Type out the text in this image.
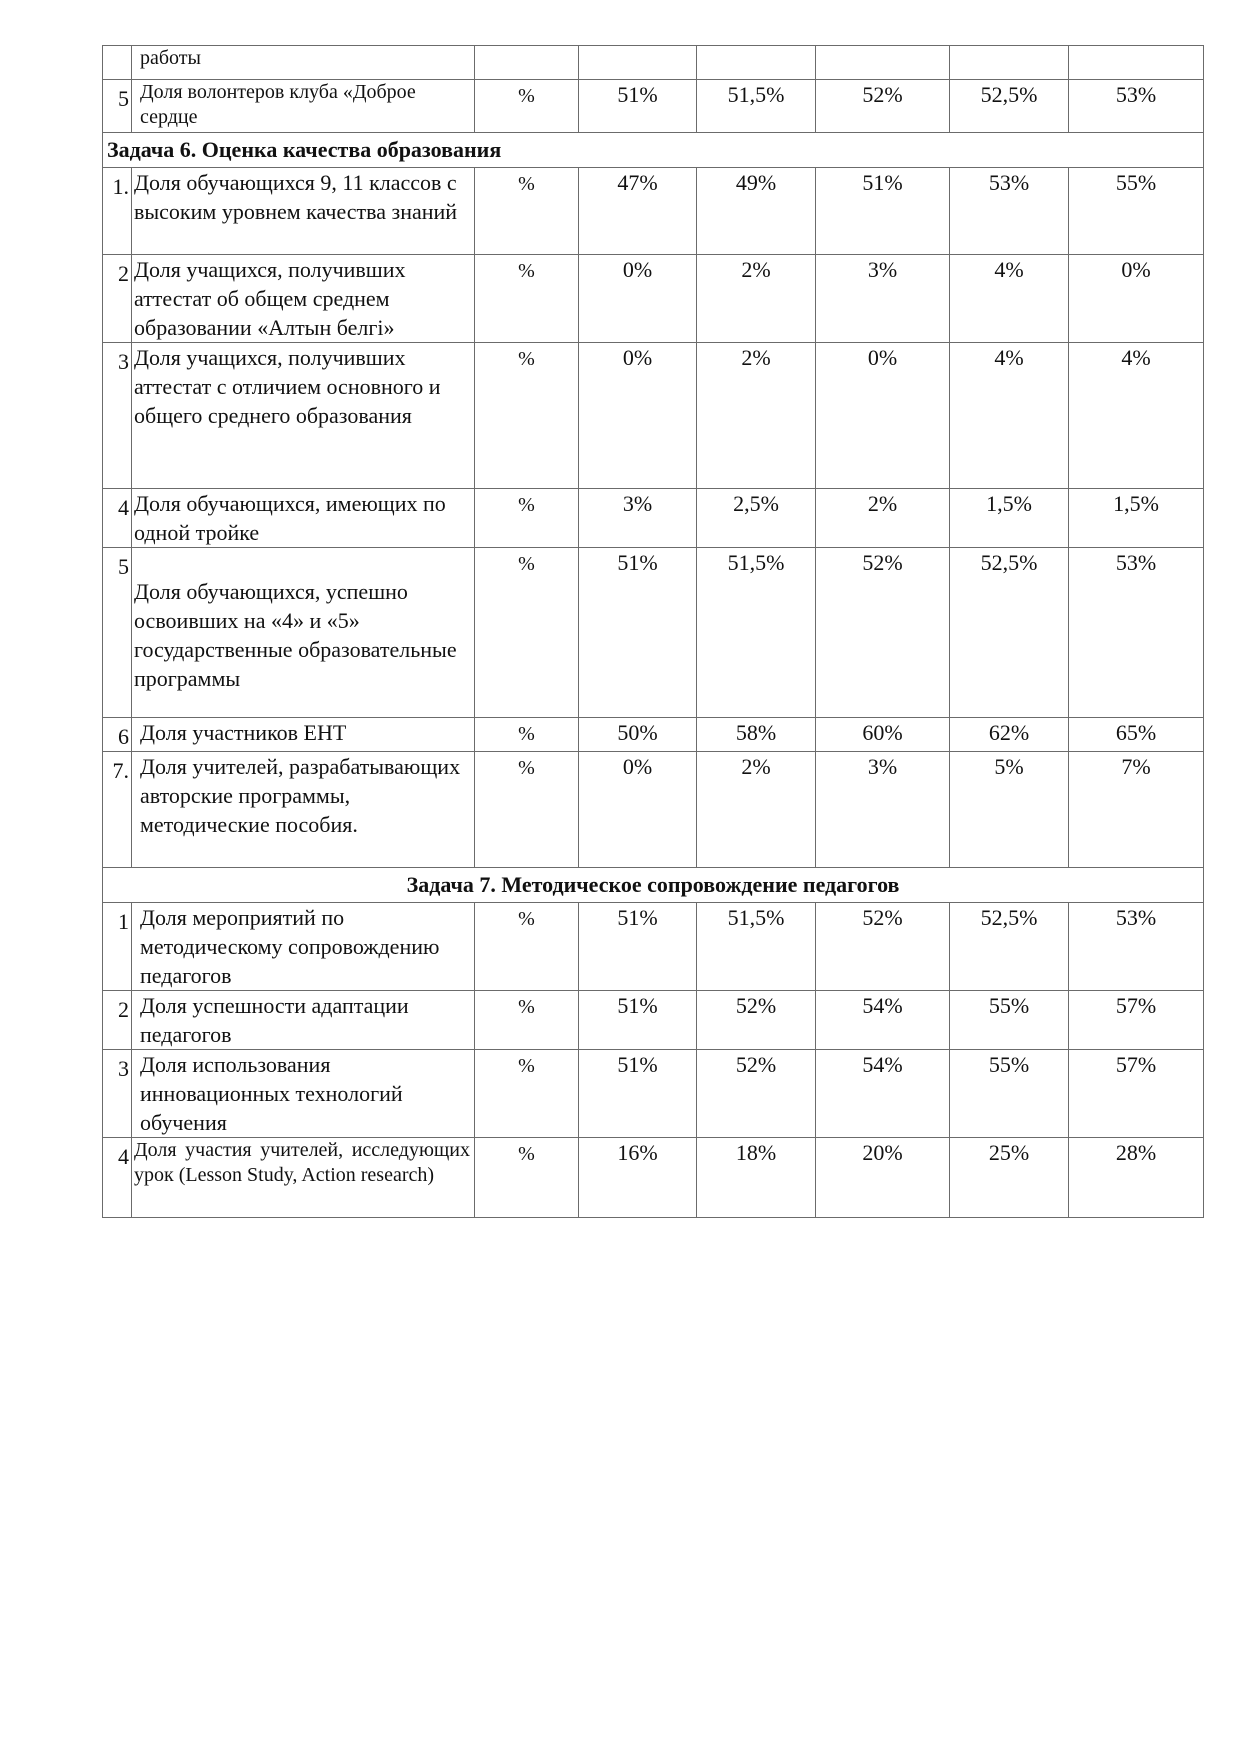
	работы						
5	Доля волонтеров клуба «Доброе сердце	%	51%	51,5%	52%	52,5%	53%
Задача 6. Оценка качества образования							
1.	Доля обучающихся 9, 11 классов с высоким уровнем качества знаний	%	47%	49%	51%	53%	55%
2	Доля учащихся, получивших аттестат об общем среднем образовании «Алтын белгі»	%	0%	2%	3%	4%	0%
3	Доля учащихся, получивших аттестат с отличием основного и общего среднего образования	%	0%	2%	0%	4%	4%
4	Доля обучающихся, имеющих по одной тройке	%	3%	2,5%	2%	1,5%	1,5%
5	Доля обучающихся, успешно освоивших на «4» и «5» государственные образовательные программы	%	51%	51,5%	52%	52,5%	53%
6	Доля участников ЕНТ	%	50%	58%	60%	62%	65%
7.	Доля учителей, разрабатывающих авторские программы, методические пособия.	%	0%	2%	3%	5%	7%
Задача 7. Методическое сопровождение педагогов							
1	Доля мероприятий по методическому сопровождению педагогов	%	51%	51,5%	52%	52,5%	53%
2	Доля успешности адаптации педагогов	%	51%	52%	54%	55%	57%
3	Доля использования инновационных технологий обучения	%	51%	52%	54%	55%	57%
4	Доля участия учителей, исследующих урок (Lesson Study, Action research)	%	16%	18%	20%	25%	28%
